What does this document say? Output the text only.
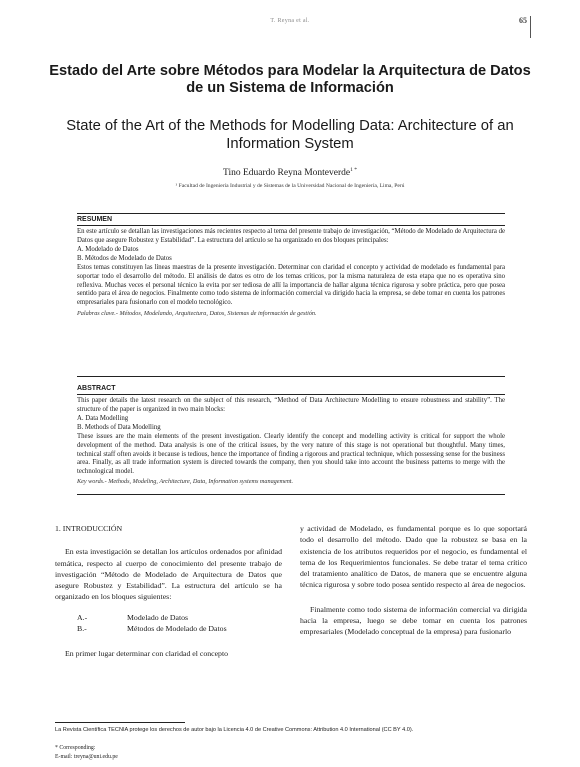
T. Reyna et al.	65
Estado del Arte sobre Métodos para Modelar la Arquitectura de Datos de un Sistema de Información
State of the Art of the Methods for Modelling Data: Architecture of an Information System
Tino Eduardo Reyna Monteverde$^{1 *}$
¹ Facultad de Ingeniería Industrial y de Sistemas de la Universidad Nacional de Ingeniería, Lima, Perú
RESUMEN
En este artículo se detallan las investigaciones más recientes respecto al tema del presente trabajo de investigación, “Método de Modelado de Arquitectura de Datos que asegure Robustez y Estabilidad”. La estructura del artículo se ha organizado en dos bloques principales:
A. Modelado de Datos
B. Métodos de Modelado de Datos
Estos temas constituyen las líneas maestras de la presente investigación. Determinar con claridad el concepto y actividad de modelado es fundamental para soportar todo el desarrollo del método. El análisis de datos es otro de los temas críticos, por la misma naturaleza de esta etapa que no es operativa sino reflexiva. Muchas veces el personal técnico la evita por ser tediosa de allí la importancia de hallar alguna técnica rigurosa y sobre práctica, pero que posea sentido para el área de negocios. Finalmente como todo sistema de información comercial va dirigido hacia la empresa, se debe tomar en cuenta los patrones empresariales para fusionarlo con el modelo tecnológico.
Palabras clave.- Métodos, Modelando, Arquitectura, Datos, Sistemas de información de gestión.
ABSTRACT
This paper details the latest research on the subject of this research, “Method of Data Architecture Modelling to ensure robustness and stability”. The structure of the paper is organized in two main blocks:
A. Data Modelling
B. Methods of Data Modelling
These issues are the main elements of the present investigation. Clearly identify the concept and modelling activity is critical for support the whole development of the method. Data analysis is one of the critical issues, by the very nature of this stage is not operational but thoughtful. Many times, technical staff often avoids it because is tedious, hence the importance of finding a rigorous and practical technique, which possessing sense for the business area. Finally, as all trade information system is directed towards the company, then you should take into account the business patterns to merge with the technological model.
Key words.- Methods, Modeling, Architecture, Data, Information systems management.
1. INTRODUCCIÓN

En esta investigación se detallan los artículos ordenados por afinidad temática, respecto al cuerpo de conocimiento del presente trabajo de investigación “Método de Modelado de Arquitectura de Datos que asegure Robustez y Estabilidad”. La estructura del artículo se ha organizado en los bloques siguientes:

A.-	Modelado de Datos
B.-	Métodos de Modelado de Datos

En primer lugar determinar con claridad el concepto

y actividad de Modelado, es fundamental porque es lo que soportará todo el desarrollo del método. Dado que la robustez se basa en la existencia de los atributos requeridos por el negocio, es fundamental el tema de los Requerimientos funcionales. Se debe tratar el tema crítico del tratamiento analítico de Datos, de manera que se encuentre alguna técnica rigurosa y sobre todo posea sentido respecto al área de negocios.

Finalmente como todo sistema de información comercial va dirigida hacia la empresa, luego se debe tomar en cuenta los patrones empresariales (Modelado conceptual de la empresa) para fusionarlo

La Revista Científica TECNIA protege los derechos de autor bajo la Licencia 4.0 de Creative Commons: Attribution 4.0 International (CC BY 4.0).
* Corresponding:
E-mail: treyna@uni.edu.pe
